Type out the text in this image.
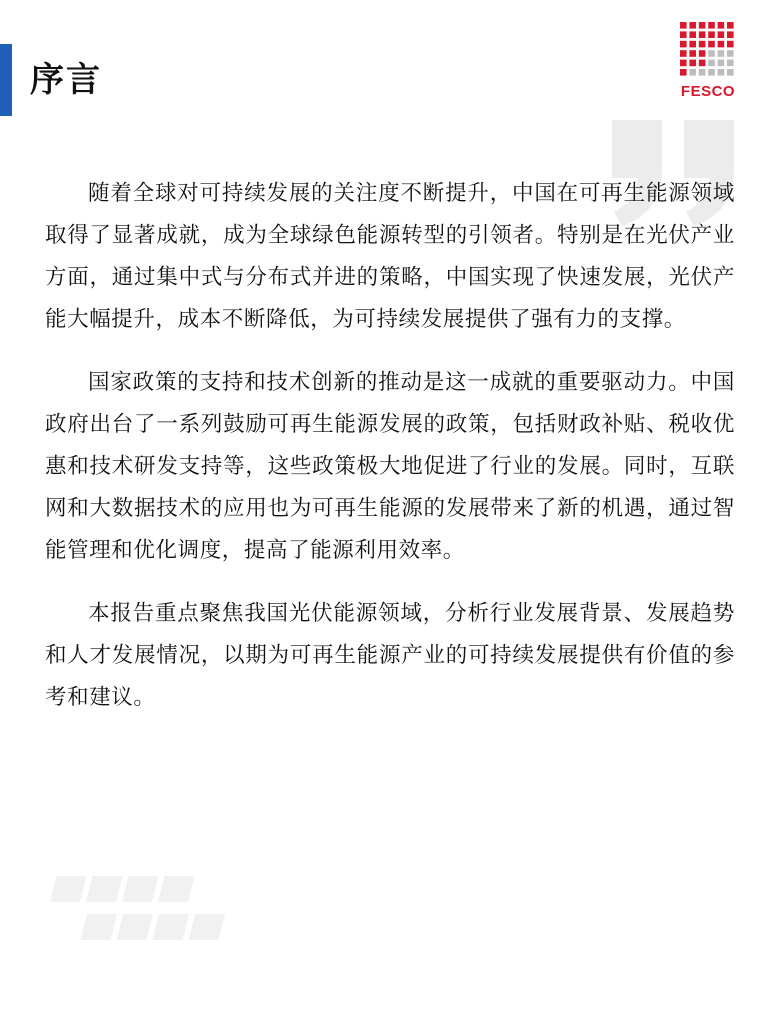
序言	FESCO

随着全球对可持续发展的关注度不断提升，中国在可再生能源领域取得了显著成就，成为全球绿色能源转型的引领者。特别是在光伏产业方面，通过集中式与分布式并进的策略，中国实现了快速发展，光伏产能大幅提升，成本不断降低，为可持续发展提供了强有力的支撑。

国家政策的支持和技术创新的推动是这一成就的重要驱动力。中国政府出台了一系列鼓励可再生能源发展的政策，包括财政补贴、税收优惠和技术研发支持等，这些政策极大地促进了行业的发展。同时，互联网和大数据技术的应用也为可再生能源的发展带来了新的机遇，通过智能管理和优化调度，提高了能源利用效率。

本报告重点聚焦我国光伏能源领域，分析行业发展背景、发展趋势和人才发展情况，以期为可再生能源产业的可持续发展提供有价值的参考和建议。
